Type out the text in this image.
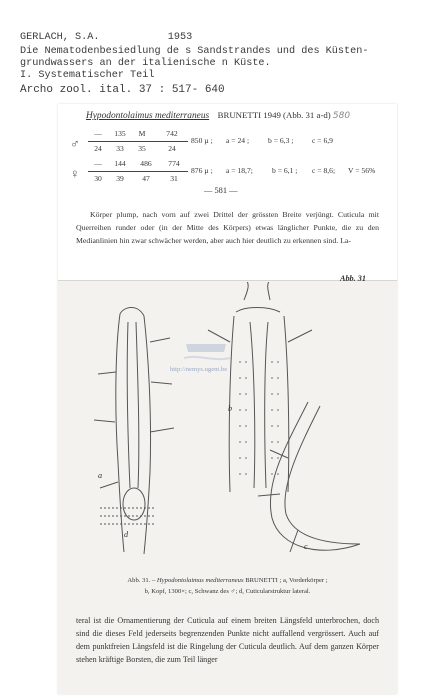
GERLACH, S.A.	1953
Die Nematodenbesiedlung de s Sandstrandes und des Küsten-
grundwassers an der italienische n Küste.
I. Systematischer Teil
Archo zool. ital. 37 : 517- 640
Hypodontolaimus mediterraneus BRUNETTI 1949 (Abb. 31 a-d) 580
♂
—	135	M	742
24	33	35	24
850 µ ; a = 24 ; b = 6,3 ; c = 6,9
♀
—	144	486	774
30	39	47	31
876 µ ; a = 18,7;	b = 6,1 ; c = 8,6; V = 56%
— 581 —
Körper plump, nach vorn auf zwei Drittel der grössten Breite verjüngt. Cuticula mit Querreihen runder oder (in der Mitte des Körpers) etwas länglicher Punkte, die zu den Medianlinien hin zwar schwächer werden, aber auch hier deutlich zu erkennen sind. La-
Abb. 31
http://nemys.ugent.be
a
b
c
d
Abb. 31. – Hypodontolaimus mediterraneus BRUNETTI ; a, Vorderkörper ;
b, Kopf, 1300×; c, Schwanz des ♂; d, Cuticularstruktur lateral.
teral ist die Ornamentierung der Cuticula auf einem breiten Längsfeld unterbrochen, doch sind die dieses Feld jederseits begrenzenden Punkte nicht auffallend vergrössert. Auch auf dem punktfreien Längsfeld ist die Ringelung der Cuticula deutlich. Auf dem ganzen Körper stehen kräftige Borsten, die zum Teil länger
